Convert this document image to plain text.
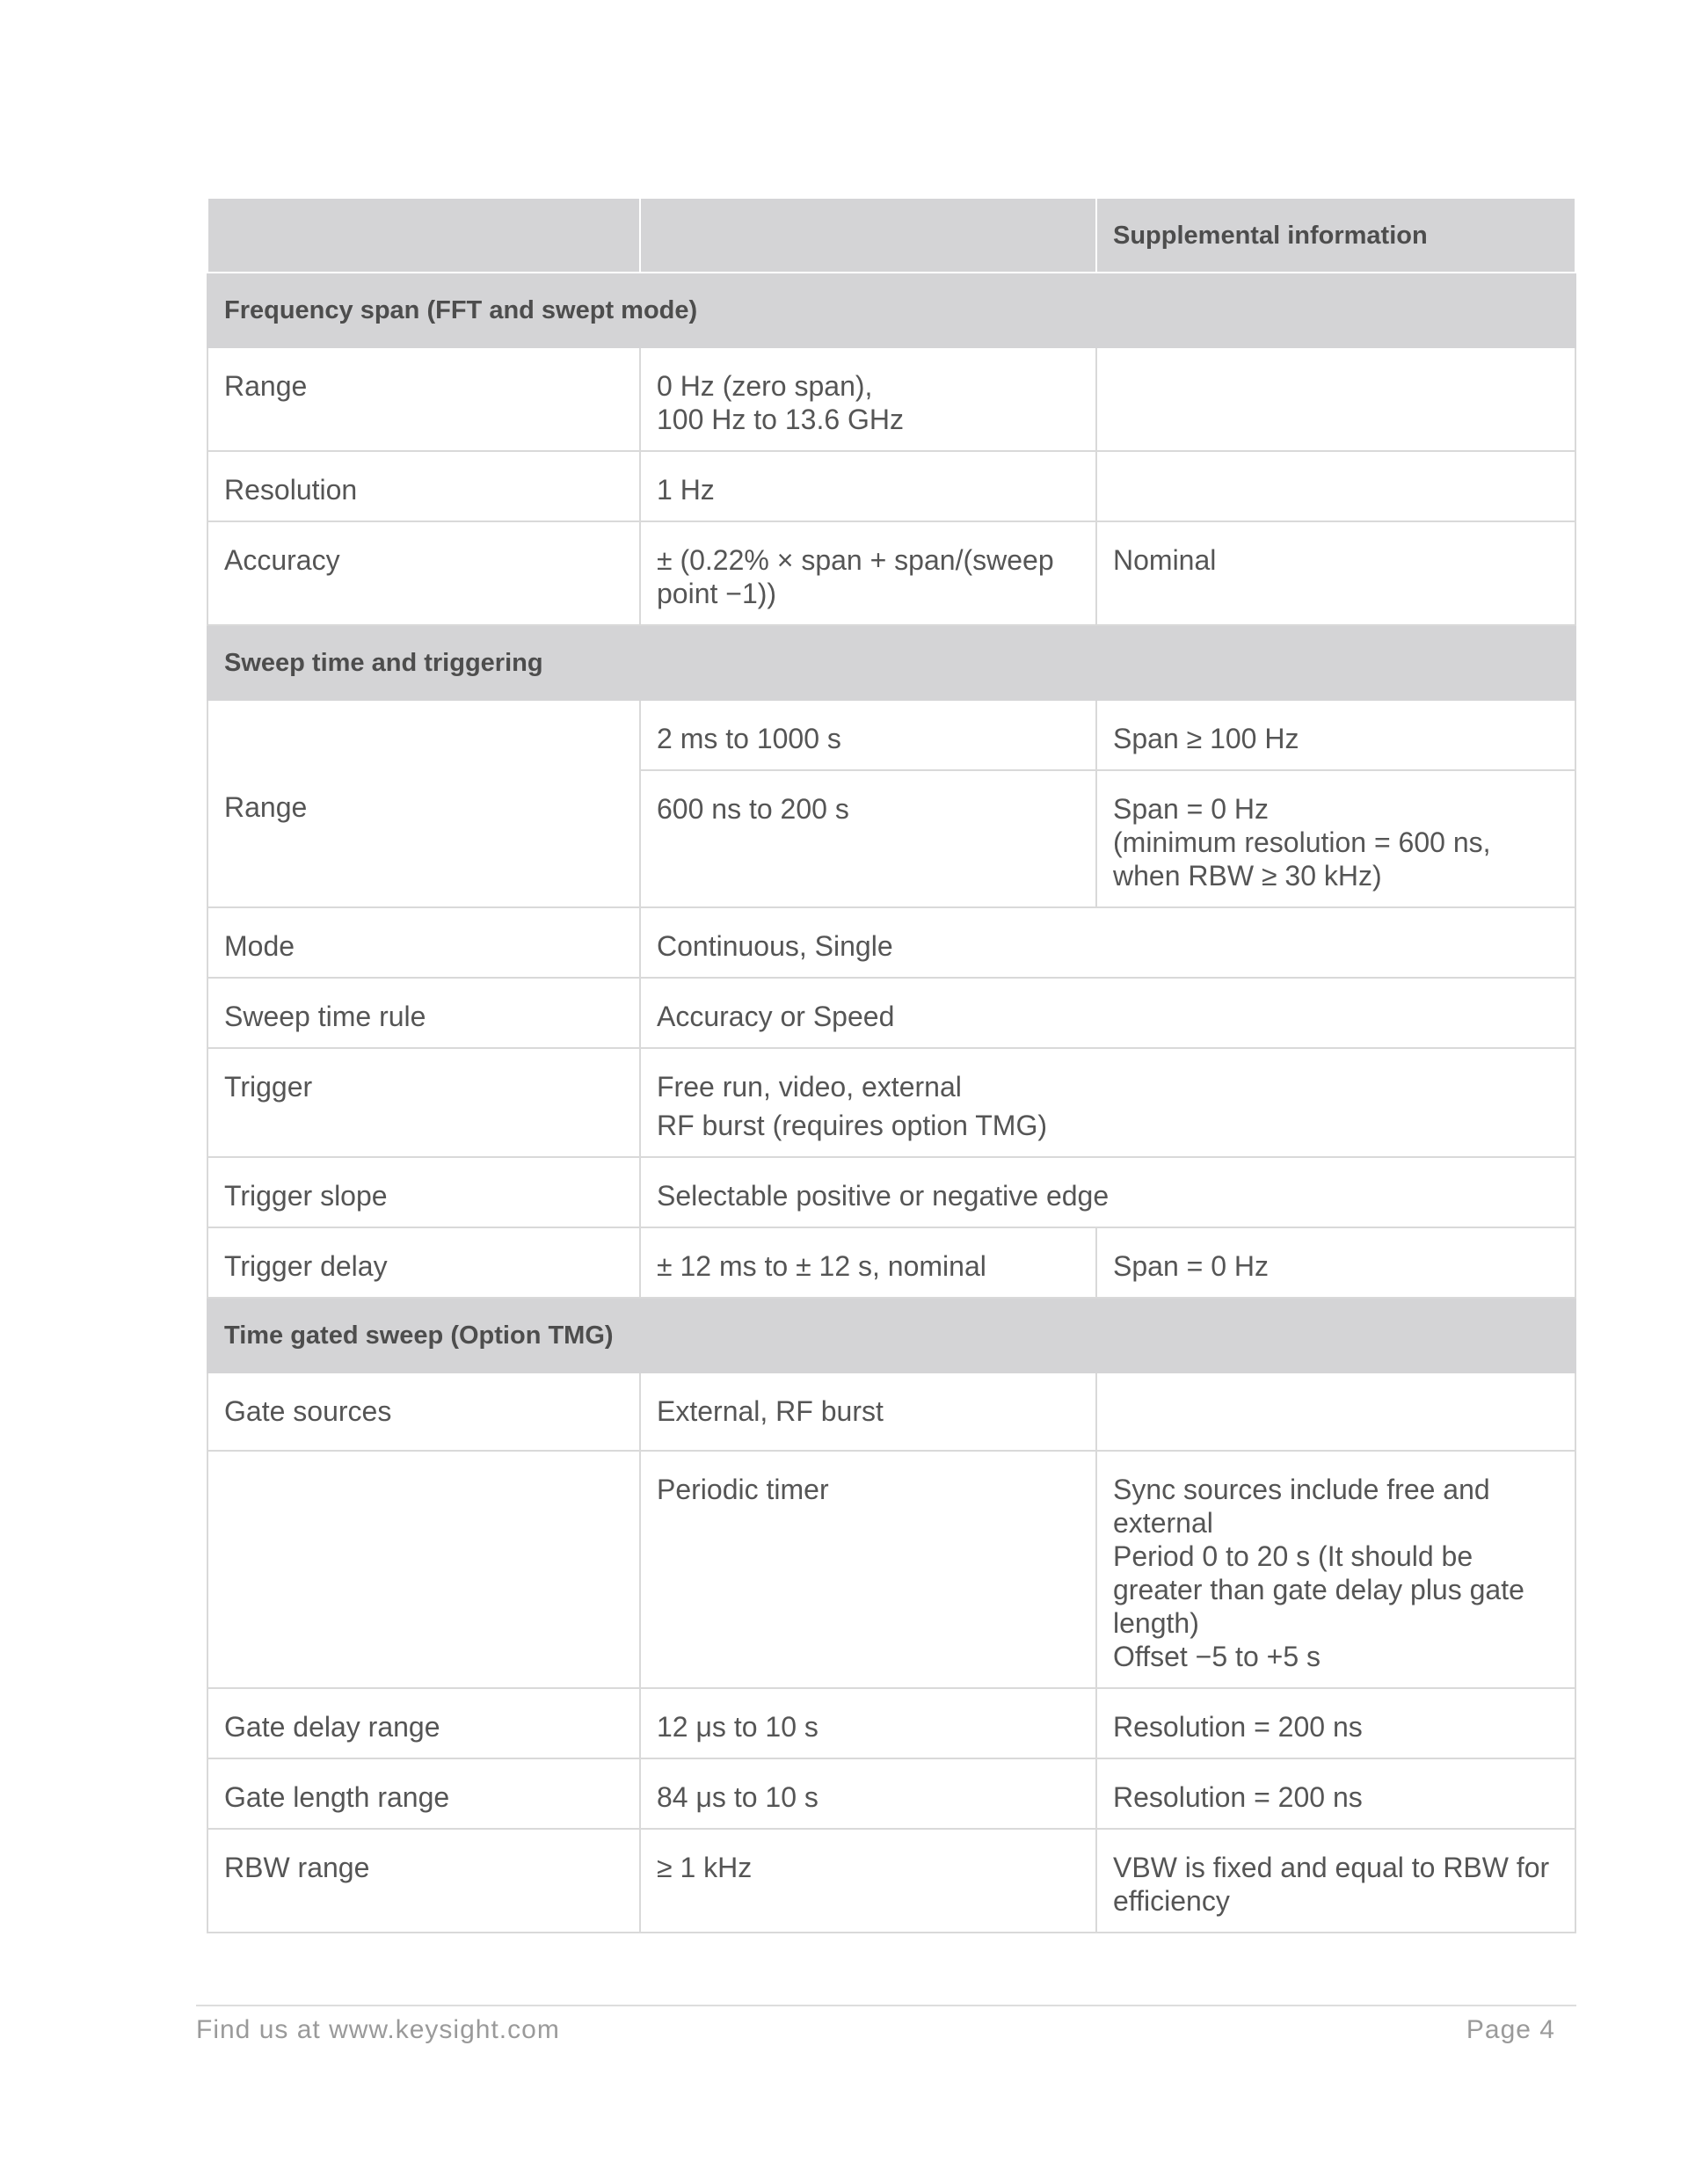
		Supplemental information
Frequency span (FFT and swept mode)		
Range	0 Hz (zero span),
100 Hz to 13.6 GHz	

Resolution	1 Hz	
Accuracy	± (0.22% × span + span/(sweep point −1))	Nominal
Sweep time and triggering		
Range	2 ms to 1000 s	Span ≥ 100 Hz
	600 ns to 200 s	Span = 0 Hz
(minimum resolution = 600 ns, when RBW ≥ 30 kHz)

Mode	Continuous, Single	
Sweep time rule	Accuracy or Speed	
Trigger	Free run, video, external
RF burst (requires option TMG)	

Trigger slope	Selectable positive or negative edge	
Trigger delay	± 12 ms to ± 12 s, nominal	Span = 0 Hz
Time gated sweep (Option TMG)		
Gate sources	External, RF burst	
	Periodic timer	Sync sources include free and external
Period 0 to 20 s (It should be greater than gate delay plus gate length)
Offset −5 to +5 s

Gate delay range	12 μs to 10 s	Resolution = 200 ns
Gate length range	84 μs to 10 s	Resolution = 200 ns
RBW range	≥ 1 kHz	VBW is fixed and equal to RBW for efficiency
Find us at www.keysight.com	Page 4
